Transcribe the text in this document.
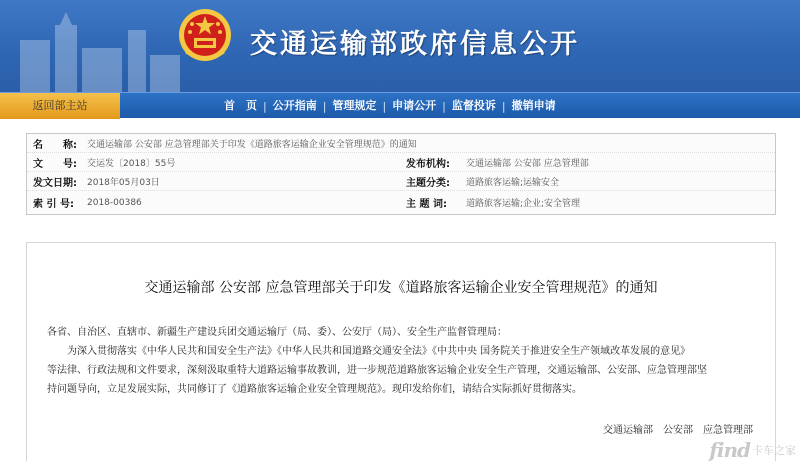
交通运输部政府信息公开
返回部主站	首　页 | 公开指南 | 管理规定 | 申请公开 | 监督投诉 | 撤销申请
名　　称:	交通运输部 公安部 应急管理部关于印发《道路旅客运输企业安全管理规范》的通知
文　　号:	交运发〔2018〕55号	发布机构:	交通运输部 公安部 应急管理部
发文日期:	2018年05月03日	主题分类:	道路旅客运输;运输安全
索 引 号:	2018-00386	主 题 词:	道路旅客运输;企业;安全管理
交通运输部 公安部 应急管理部关于印发《道路旅客运输企业安全管理规范》的通知

各省、自治区、直辖市、新疆生产建设兵团交通运输厅（局、委）、公安厅（局）、安全生产监督管理局：

为深入贯彻落实《中华人民共和国安全生产法》《中华人民共和国道路交通安全法》《中共中央 国务院关于推进安全生产领域改革发展的意见》

等法律、行政法规和文件要求，深刻汲取重特大道路运输事故教训，进一步规范道路旅客运输企业安全生产管理，交通运输部、公安部、应急管理部坚

持问题导向，立足发展实际，共同修订了《道路旅客运输企业安全管理规范》。现印发给你们，请结合实际抓好贯彻落实。

交通运输部　公安部　应急管理部
find 卡车之家
